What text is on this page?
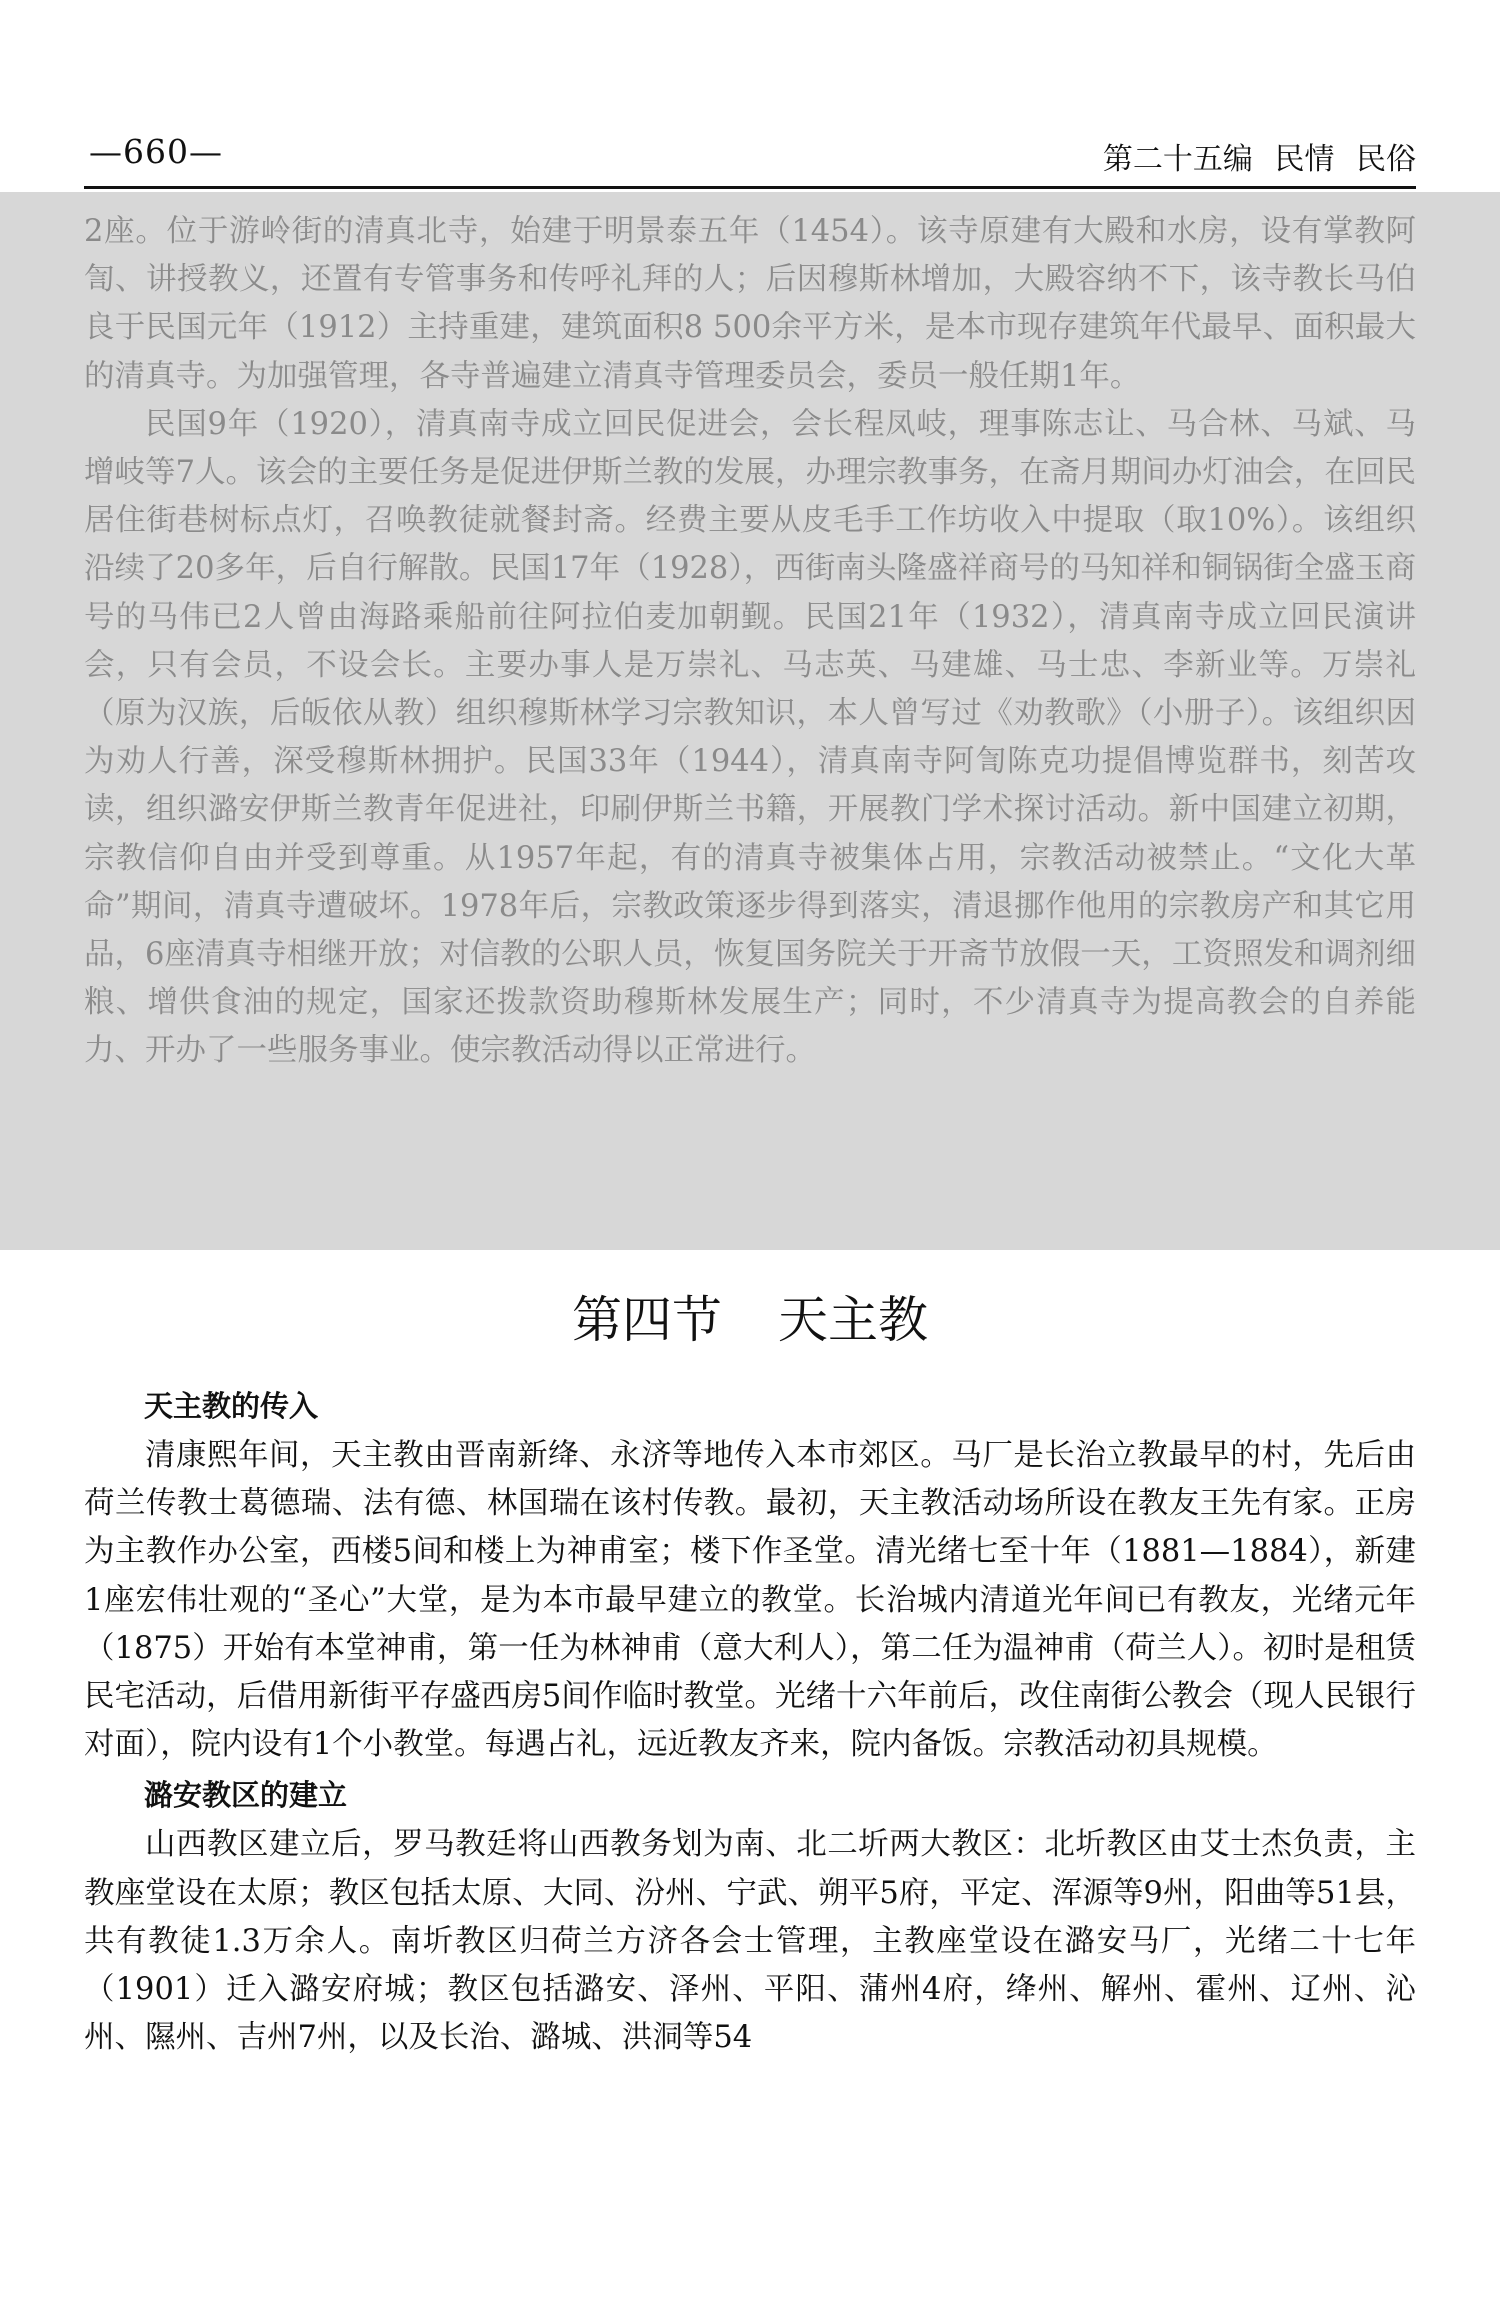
—660—	第二十五编 民情 民俗

2座。位于游岭街的清真北寺，始建于明景泰五年（1454）。该寺原建有大殿和水房，设有掌教阿訇、讲授教义，还置有专管事务和传呼礼拜的人；后因穆斯林增加，大殿容纳不下，该寺教长马伯良于民国元年（1912）主持重建，建筑面积8 500余平方米，是本市现存建筑年代最早、面积最大的清真寺。为加强管理，各寺普遍建立清真寺管理委员会，委员一般任期1年。

民国9年（1920），清真南寺成立回民促进会，会长程凤岐，理事陈志让、马合林、马斌、马增岐等7人。该会的主要任务是促进伊斯兰教的发展，办理宗教事务，在斋月期间办灯油会，在回民居住街巷树标点灯，召唤教徒就餐封斋。经费主要从皮毛手工作坊收入中提取（取10%）。该组织沿续了20多年，后自行解散。民国17年（1928），西街南头隆盛祥商号的马知祥和铜锅街全盛玉商号的马伟已2人曾由海路乘船前往阿拉伯麦加朝觐。民国21年（1932），清真南寺成立回民演讲会，只有会员，不设会长。主要办事人是万崇礼、马志英、马建雄、马士忠、李新业等。万崇礼（原为汉族，后皈依从教）组织穆斯林学习宗教知识，本人曾写过《劝教歌》（小册子）。该组织因为劝人行善，深受穆斯林拥护。民国33年（1944），清真南寺阿訇陈克功提倡博览群书，刻苦攻读，组织潞安伊斯兰教青年促进社，印刷伊斯兰书籍，开展教门学术探讨活动。新中国建立初期，宗教信仰自由并受到尊重。从1957年起，有的清真寺被集体占用，宗教活动被禁止。“文化大革命”期间，清真寺遭破坏。1978年后，宗教政策逐步得到落实，清退挪作他用的宗教房产和其它用品，6座清真寺相继开放；对信教的公职人员，恢复国务院关于开斋节放假一天，工资照发和调剂细粮、增供食油的规定，国家还拨款资助穆斯林发展生产；同时，不少清真寺为提高教会的自养能力、开办了一些服务事业。使宗教活动得以正常进行。

第四节 天主教

天主教的传入

清康熙年间，天主教由晋南新绛、永济等地传入本市郊区。马厂是长治立教最早的村，先后由荷兰传教士葛德瑞、法有德、林国瑞在该村传教。最初，天主教活动场所设在教友王先有家。正房为主教作办公室，西楼5间和楼上为神甫室；楼下作圣堂。清光绪七至十年（1881—1884），新建1座宏伟壮观的“圣心”大堂，是为本市最早建立的教堂。长治城内清道光年间已有教友，光绪元年（1875）开始有本堂神甫，第一任为林神甫（意大利人），第二任为温神甫（荷兰人）。初时是租赁民宅活动，后借用新街平存盛西房5间作临时教堂。光绪十六年前后，改住南街公教会（现人民银行对面），院内设有1个小教堂。每遇占礼，远近教友齐来，院内备饭。宗教活动初具规模。

潞安教区的建立

山西教区建立后，罗马教廷将山西教务划为南、北二圻两大教区：北圻教区由艾士杰负责，主教座堂设在太原；教区包括太原、大同、汾州、宁武、朔平5府，平定、浑源等9州，阳曲等51县，共有教徒1.3万余人。南圻教区归荷兰方济各会士管理，主教座堂设在潞安马厂，光绪二十七年（1901）迁入潞安府城；教区包括潞安、泽州、平阳、蒲州4府，绛州、解州、霍州、辽州、沁州、隰州、吉州7州，以及长治、潞城、洪洞等54
